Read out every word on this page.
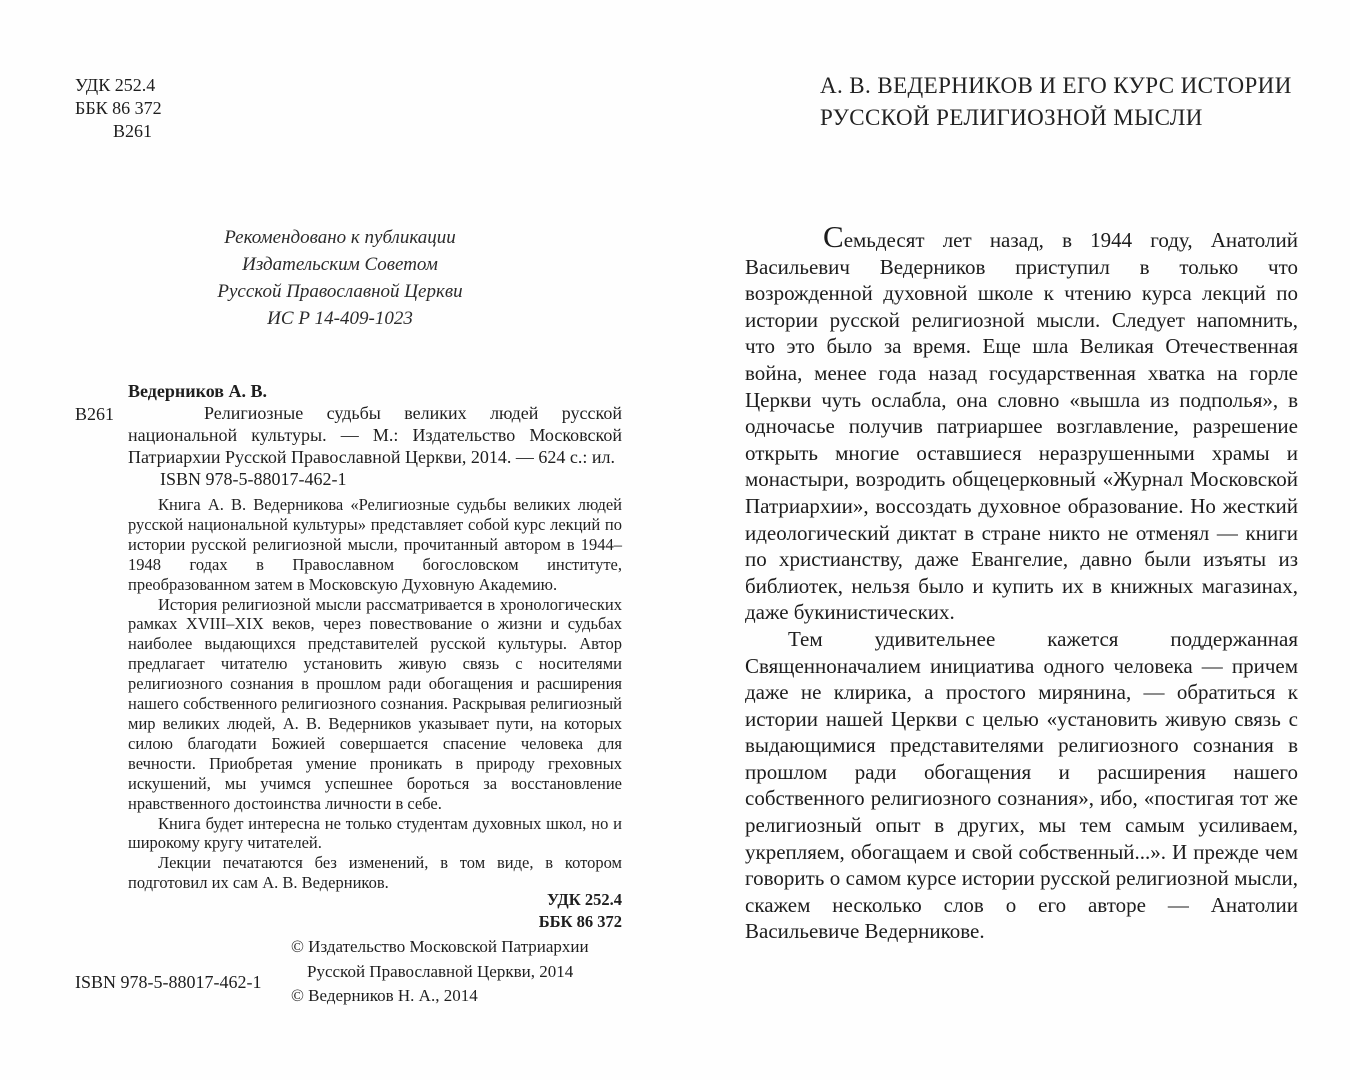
УДК 252.4
ББК 86 372
В261
Рекомендовано к публикации
Издательским Советом
Русской Православной Церкви
ИС Р 14-409-1023
Ведерников А. В.
В261	Религиозные судьбы великих людей русской национальной культуры. — М.: Издательство Московской Патриархии Русской Православной Церкви, 2014. — 624 с.: ил.

ISBN 978-5-88017-462-1

Книга А. В. Ведерникова «Религиозные судьбы великих людей русской национальной культуры» представляет собой курс лекций по истории русской религиозной мысли, прочитанный автором в 1944–1948 годах в Православном богословском институте, преобразованном затем в Московскую Духовную Академию.

История религиозной мысли рассматривается в хронологических рамках XVIII–XIX веков, через повествование о жизни и судьбах наиболее выдающихся представителей русской культуры. Автор предлагает читателю установить живую связь с носителями религиозного сознания в прошлом ради обогащения и расширения нашего собственного религиозного сознания. Раскрывая религиозный мир великих людей, А. В. Ведерников указывает пути, на которых силою благодати Божией совершается спасение человека для вечности. Приобретая умение проникать в природу греховных искушений, мы учимся успешнее бороться за восстановление нравственного достоинства личности в себе.

Книга будет интересна не только студентам духовных школ, но и широкому кругу читателей.

Лекции печатаются без изменений, в том виде, в котором подготовил их сам А. В. Ведерников.

УДК 252.4
ББК 86 372
ISBN 978-5-88017-462-1
© Издательство Московской Патриархии
Русской Православной Церкви, 2014
© Ведерников Н. А., 2014
А. В. ВЕДЕРНИКОВ И ЕГО КУРС ИСТОРИИ
РУССКОЙ РЕЛИГИОЗНОЙ МЫСЛИ

Семьдесят лет назад, в 1944 году, Анатолий Васильевич Ведерников приступил в только что возрожденной духовной школе к чтению курса лекций по истории русской религиозной мысли. Следует напомнить, что это было за время. Еще шла Великая Отечественная война, менее года назад государственная хватка на горле Церкви чуть ослабла, она словно «вышла из подполья», в одночасье получив патриаршее возглавление, разрешение открыть многие оставшиеся неразрушенными храмы и монастыри, возродить общецерковный «Журнал Московской Патриархии», воссоздать духовное образование. Но жесткий идеологический диктат в стране никто не отменял — книги по христианству, даже Евангелие, давно были изъяты из библиотек, нельзя было и купить их в книжных магазинах, даже букинистических.

Тем удивительнее кажется поддержанная Священноначалием инициатива одного человека — причем даже не клирика, а простого мирянина, — обратиться к истории нашей Церкви с целью «установить живую связь с выдающимися представителями религиозного сознания в прошлом ради обогащения и расширения нашего собственного религиозного сознания», ибо, «постигая тот же религиозный опыт в других, мы тем самым усиливаем, укрепляем, обогащаем и свой собственный...». И прежде чем говорить о самом курсе истории русской религиозной мысли, скажем несколько слов о его авторе — Анатолии Васильевиче Ведерникове.
